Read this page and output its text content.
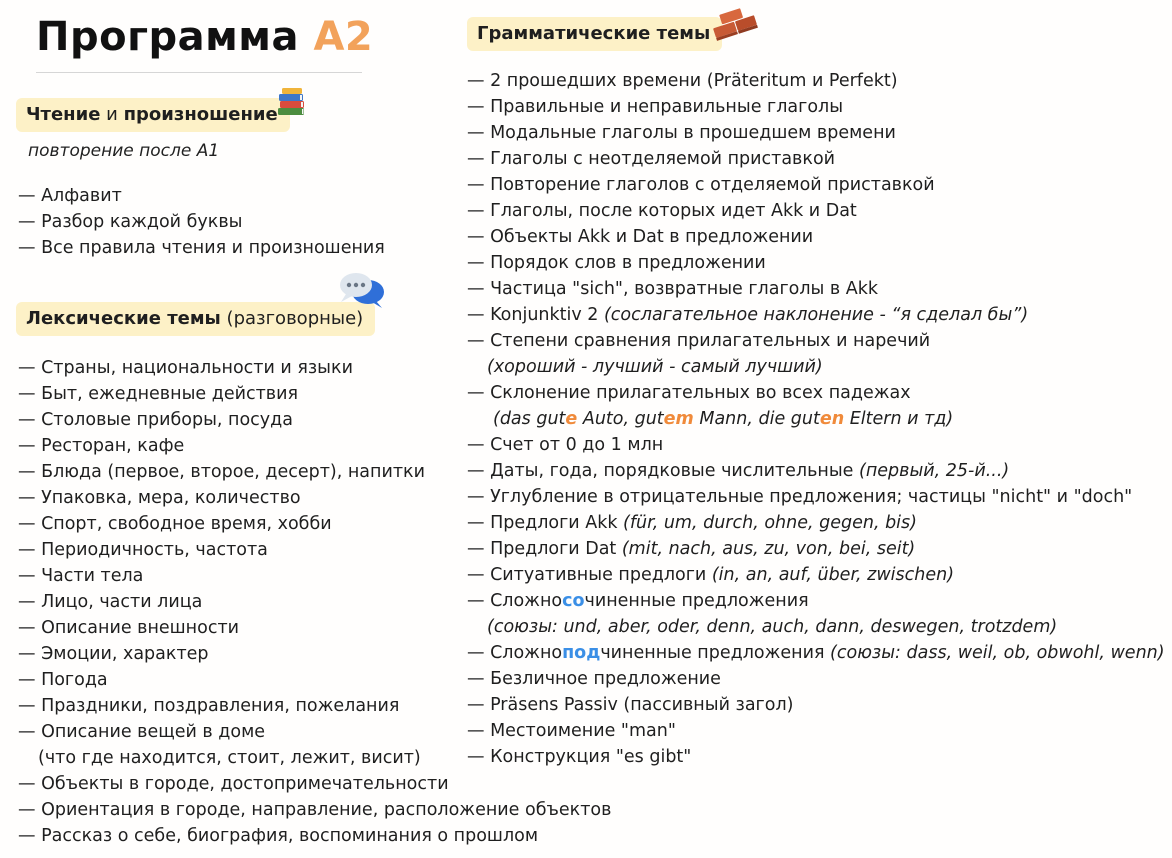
Программа A2
Чтение и произношение
повторение после А1
— Алфавит
— Разбор каждой буквы
— Все правила чтения и произношения
Лексические темы (разговорные)
— Страны, национальности и языки
— Быт, ежедневные действия
— Столовые приборы, посуда
— Ресторан, кафе
— Блюда (первое, второе, десерт), напитки
— Упаковка, мера, количество
— Спорт, свободное время, хобби
— Периодичность, частота
— Части тела
— Лицо, части лица
— Описание внешности
— Эмоции, характер
— Погода
— Праздники, поздравления, пожелания
— Описание вещей в доме
(что где находится, стоит, лежит, висит)
— Объекты в городе, достопримечательности
— Ориентация в городе, направление, расположение объектов
— Рассказ о себе, биография, воспоминания о прошлом
Грамматические темы
— 2 прошедших времени (Präteritum и Perfekt)
— Правильные и неправильные глаголы
— Модальные глаголы в прошедшем времени
— Глаголы с неотделяемой приставкой
— Повторение глаголов с отделяемой приставкой
— Глаголы, после которых идет Akk и Dat
— Объекты Akk и Dat в предложении
— Порядок слов в предложении
— Частица "sich", возвратные глаголы в Akk
— Konjunktiv 2 (сослагательное наклонение - “я сделал бы”)
— Степени сравнения прилагательных и наречий
(хороший - лучший - самый лучший)
— Склонение прилагательных во всех падежах
(das gute Auto, gutem Mann, die guten Eltern и тд)
— Счет от 0 до 1 млн
— Даты, года, порядковые числительные (первый, 25-й...)
— Углубление в отрицательные предложения; частицы "nicht" и "doch"
— Предлоги Akk (für, um, durch, ohne, gegen, bis)
— Предлоги Dat (mit, nach, aus, zu, von, bei, seit)
— Ситуативные предлоги (in, an, auf, über, zwischen)
— Сложносочиненные предложения
(союзы: und, aber, oder, denn, auch, dann, deswegen, trotzdem)
— Сложноподчиненные предложения (союзы: dass, weil, ob, obwohl, wenn)
— Безличное предложение
— Präsens Passiv (пассивный загол)
— Местоимение "man"
— Конструкция "es gibt"
